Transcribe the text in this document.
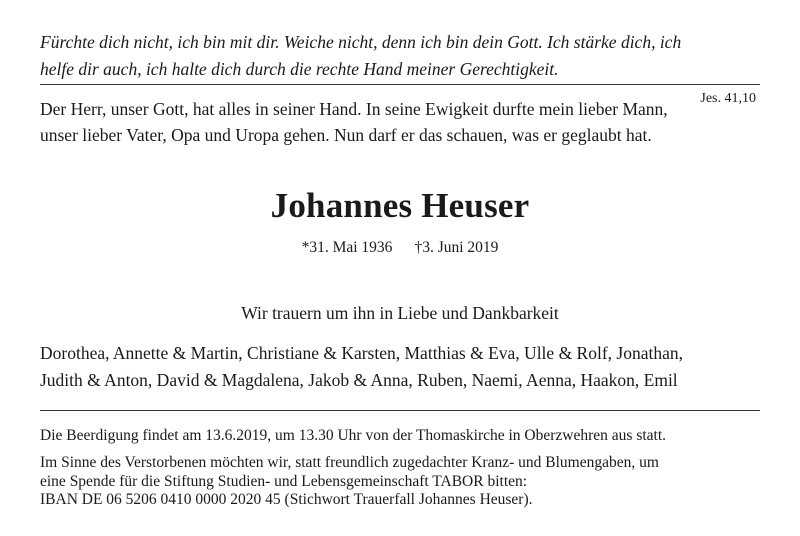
Fürchte dich nicht, ich bin mit dir. Weiche nicht, denn ich bin dein Gott. Ich stärke dich, ich
helfe dir auch, ich halte dich durch die rechte Hand meiner Gerechtigkeit.
Jes. 41,10
Der Herr, unser Gott, hat alles in seiner Hand. In seine Ewigkeit durfte mein lieber Mann,
unser lieber Vater, Opa und Uropa gehen. Nun darf er das schauen, was er geglaubt hat.
Johannes Heuser
*31. Mai 1936 †3. Juni 2019
Wir trauern um ihn in Liebe und Dankbarkeit
Dorothea, Annette & Martin, Christiane & Karsten, Matthias & Eva, Ulle & Rolf, Jonathan,
Judith & Anton, David & Magdalena, Jakob & Anna, Ruben, Naemi, Aenna, Haakon, Emil
Die Beerdigung findet am 13.6.2019, um 13.30 Uhr von der Thomaskirche in Oberzwehren aus statt.
Im Sinne des Verstorbenen möchten wir, statt freundlich zugedachter Kranz- und Blumengaben, um
eine Spende für die Stiftung Studien- und Lebensgemeinschaft TABOR bitten:
IBAN DE 06 5206 0410 0000 2020 45 (Stichwort Trauerfall Johannes Heuser).
